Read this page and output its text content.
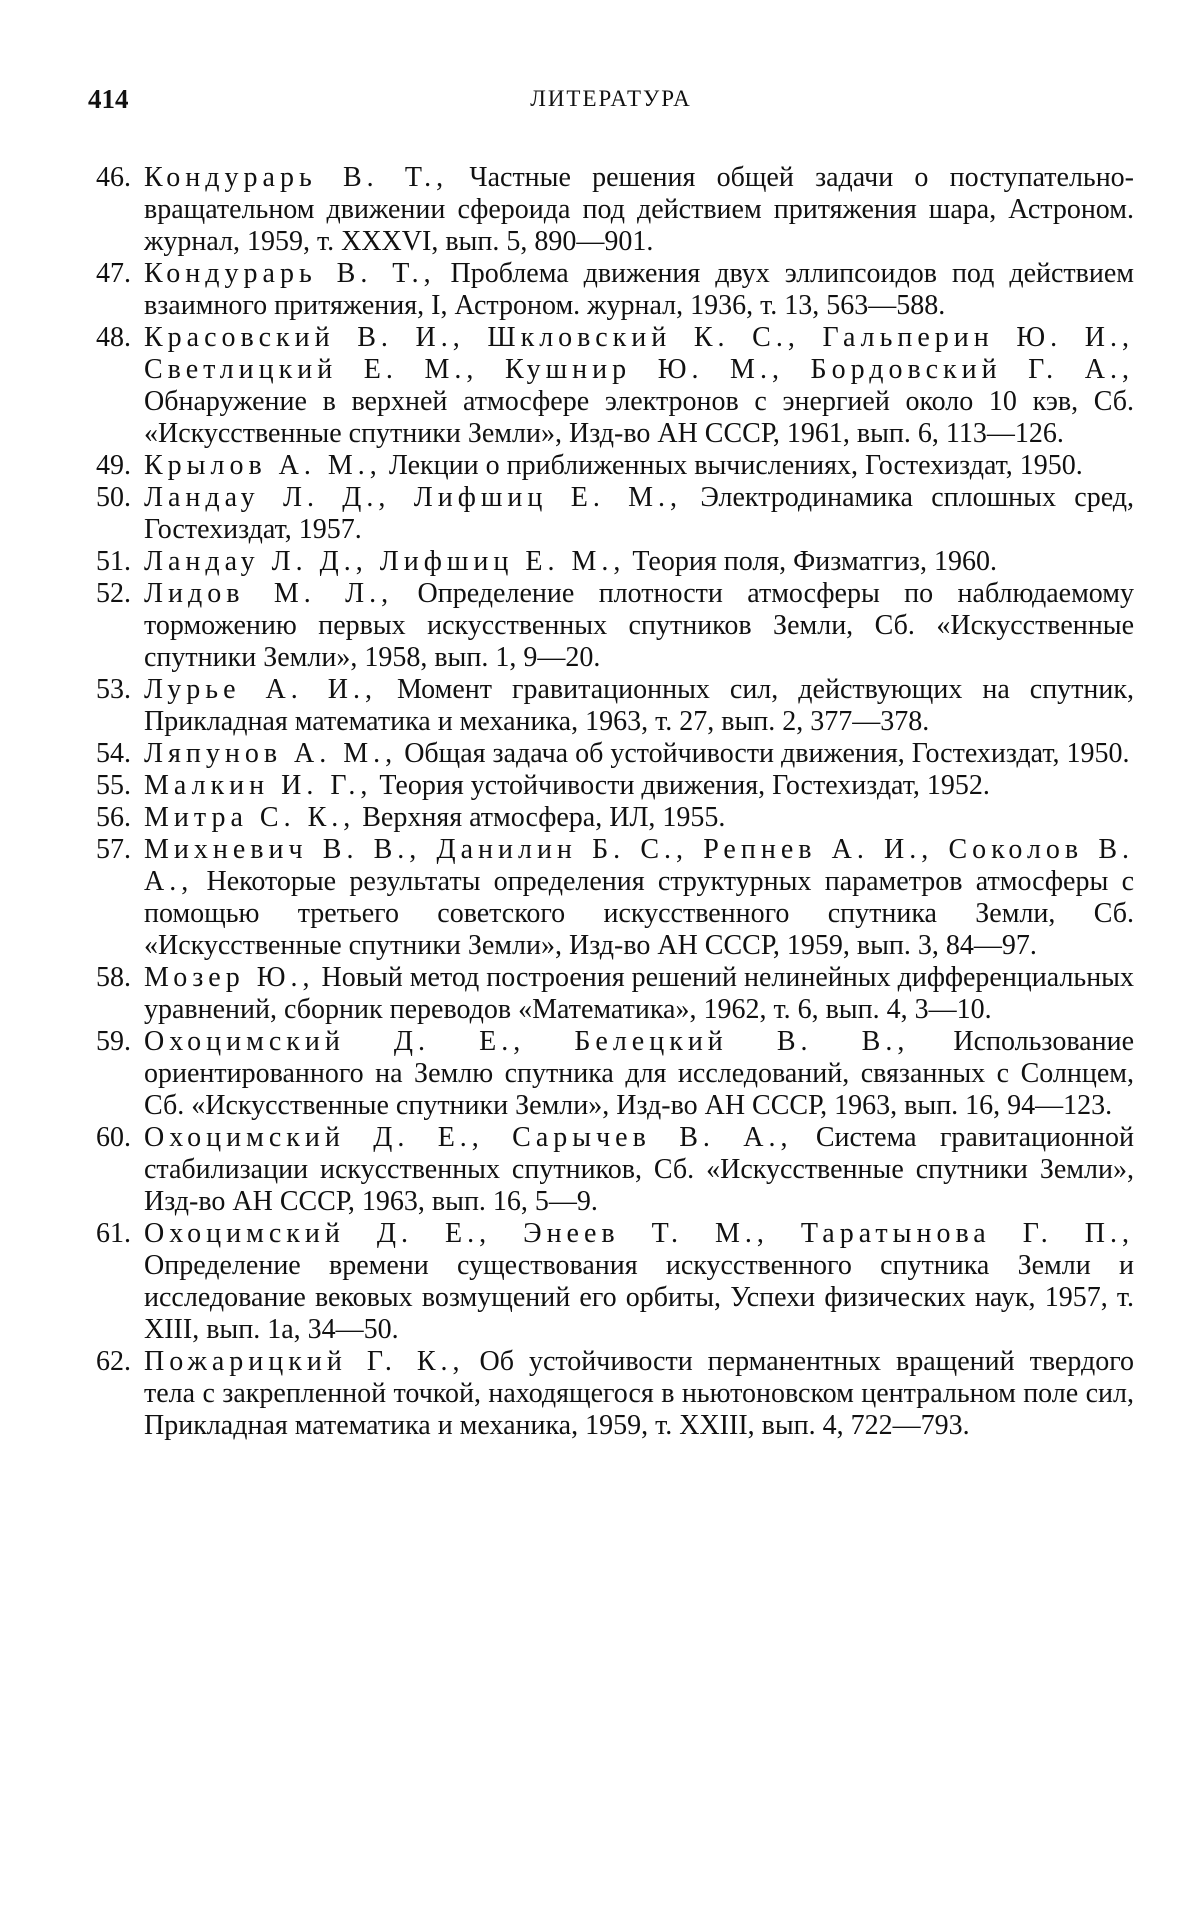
414	ЛИТЕРАТУРА
46. Кондурарь В. Т., Частные решения общей задачи о поступательно-вращательном движении сфероида под действием притяжения шара, Астроном. журнал, 1959, т. XXXVI, вып. 5, 890—901.
47. Кондурарь В. Т., Проблема движения двух эллипсоидов под действием взаимного притяжения, I, Астроном. журнал, 1936, т. 13, 563—588.
48. Красовский В. И., Шкловский К. С., Гальперин Ю. И., Светлицкий Е. М., Кушнир Ю. М., Бордовский Г. А., Обнаружение в верхней атмосфере электронов с энергией около 10 кэв, Сб. «Искусственные спутники Земли», Изд-во АН СССР, 1961, вып. 6, 113—126.
49. Крылов А. М., Лекции о приближенных вычислениях, Гостехиздат, 1950.
50. Ландау Л. Д., Лифшиц Е. М., Электродинамика сплошных сред, Гостехиздат, 1957.
51. Ландау Л. Д., Лифшиц Е. М., Теория поля, Физматгиз, 1960.
52. Лидов М. Л., Определение плотности атмосферы по наблюдаемому торможению первых искусственных спутников Земли, Сб. «Искусственные спутники Земли», 1958, вып. 1, 9—20.
53. Лурье А. И., Момент гравитационных сил, действующих на спутник, Прикладная математика и механика, 1963, т. 27, вып. 2, 377—378.
54. Ляпунов А. М., Общая задача об устойчивости движения, Гостехиздат, 1950.
55. Малкин И. Г., Теория устойчивости движения, Гостехиздат, 1952.
56. Митра С. К., Верхняя атмосфера, ИЛ, 1955.
57. Михневич В. В., Данилин Б. С., Репнев А. И., Соколов В. А., Некоторые результаты определения структурных параметров атмосферы с помощью третьего советского искусственного спутника Земли, Сб. «Искусственные спутники Земли», Изд-во АН СССР, 1959, вып. 3, 84—97.
58. Мозер Ю., Новый метод построения решений нелинейных дифференциальных уравнений, сборник переводов «Математика», 1962, т. 6, вып. 4, 3—10.
59. Охоцимский Д. Е., Белецкий В. В., Использование ориентированного на Землю спутника для исследований, связанных с Солнцем, Сб. «Искусственные спутники Земли», Изд-во АН СССР, 1963, вып. 16, 94—123.
60. Охоцимский Д. Е., Сарычев В. А., Система гравитационной стабилизации искусственных спутников, Сб. «Искусственные спутники Земли», Изд-во АН СССР, 1963, вып. 16, 5—9.
61. Охоцимский Д. Е., Энеев Т. М., Таратынова Г. П., Определение времени существования искусственного спутника Земли и исследование вековых возмущений его орбиты, Успехи физических наук, 1957, т. XIII, вып. 1а, 34—50.
62. Пожарицкий Г. К., Об устойчивости перманентных вращений твердого тела с закрепленной точкой, находящегося в ньютоновском центральном поле сил, Прикладная математика и механика, 1959, т. XXIII, вып. 4, 722—793.
